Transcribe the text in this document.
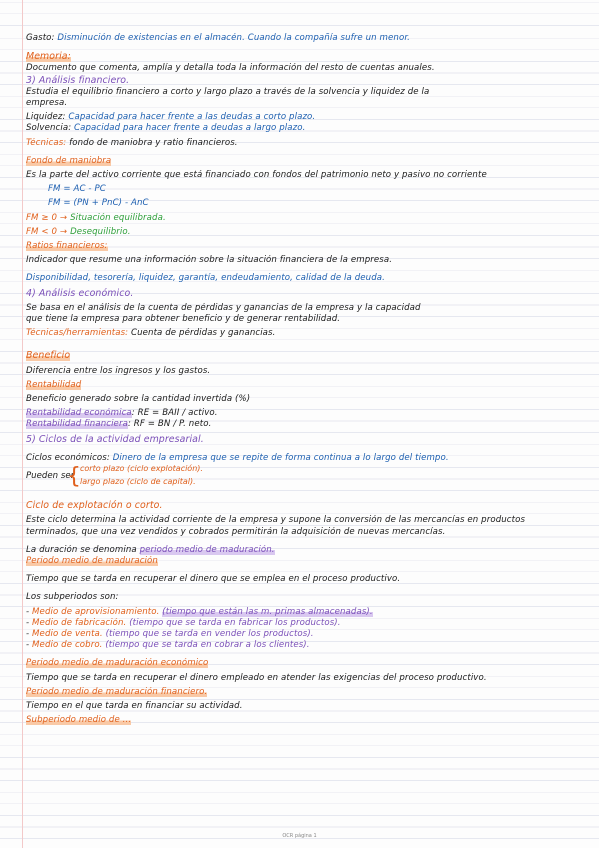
Gasto: Disminución de existencias en el almacén. Cuando la compañía sufre un menor.
Memoria:
Documento que comenta, amplía y detalla toda la información del resto de cuentas anuales.
3) Análisis financiero.
Estudia el equilibrio financiero a corto y largo plazo a través de la solvencia y liquidez de la
empresa.
Liquidez: Capacidad para hacer frente a las deudas a corto plazo.
Solvencia: Capacidad para hacer frente a deudas a largo plazo.
Técnicas: fondo de maniobra y ratio financieros.
Fondo de maniobra
Es la parte del activo corriente que está financiado con fondos del patrimonio neto y pasivo no corriente
FM = AC - PC
FM = (PN + PnC) - AnC
FM ≥ 0 → Situación equilibrada.
FM < 0 → Desequilibrio.
Ratios financieros:
Indicador que resume una información sobre la situación financiera de la empresa.
Disponibilidad, tesorería, liquidez, garantía, endeudamiento, calidad de la deuda.
4) Análisis económico.
Se basa en el análisis de la cuenta de pérdidas y ganancias de la empresa y la capacidad
que tiene la empresa para obtener beneficio y de generar rentabilidad.
Técnicas/herramientas: Cuenta de pérdidas y ganancias.
Beneficio
Diferencia entre los ingresos y los gastos.
Rentabilidad
Beneficio generado sobre la cantidad invertida (%)
Rentabilidad económica: RE = BAII / activo.
Rentabilidad financiera: RF = BN / P. neto.
5) Ciclos de la actividad empresarial.
Ciclos económicos: Dinero de la empresa que se repite de forma continua a lo largo del tiempo.
Pueden ser
{ corto plazo (ciclo explotación).
largo plazo (ciclo de capital).
Ciclo de explotación o corto.
Este ciclo determina la actividad corriente de la empresa y supone la conversión de las mercancías en productos
terminados, que una vez vendidos y cobrados permitirán la adquisición de nuevas mercancías.
La duración se denomina periodo medio de maduración.
Periodo medio de maduración
Tiempo que se tarda en recuperar el dinero que se emplea en el proceso productivo.
Los subperiodos son:
- Medio de aprovisionamiento. (tiempo que están las m. primas almacenadas).
- Medio de fabricación. (tiempo que se tarda en fabricar los productos).
- Medio de venta. (tiempo que se tarda en vender los productos).
- Medio de cobro. (tiempo que se tarda en cobrar a los clientes).
Periodo medio de maduración económico
Tiempo que se tarda en recuperar el dinero empleado en atender las exigencias del proceso productivo.
Periodo medio de maduración financiero.
Tiempo en el que tarda en financiar su actividad.
Subperiodo medio de ...
OCR página 1
